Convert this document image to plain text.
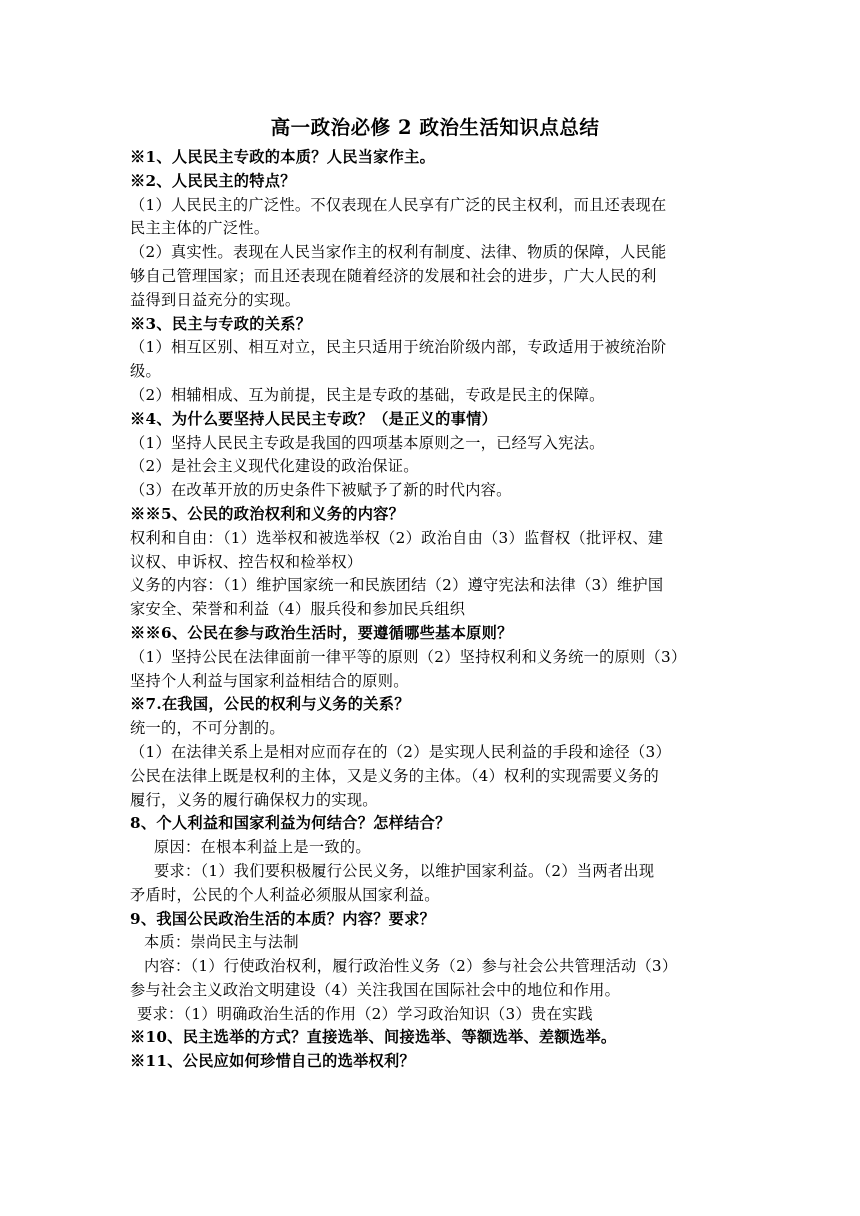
高一政治必修 2 政治生活知识点总结
※1、人民民主专政的本质？人民当家作主。
※2、人民民主的特点？
（1）人民民主的广泛性。不仅表现在人民享有广泛的民主权利，而且还表现在
民主主体的广泛性。
（2）真实性。表现在人民当家作主的权利有制度、法律、物质的保障，人民能
够自己管理国家；而且还表现在随着经济的发展和社会的进步，广大人民的利
益得到日益充分的实现。
※3、民主与专政的关系？
（1）相互区别、相互对立，民主只适用于统治阶级内部，专政适用于被统治阶
级。
（2）相辅相成、互为前提，民主是专政的基础，专政是民主的保障。
※4、为什么要坚持人民民主专政？（是正义的事情）
（1）坚持人民民主专政是我国的四项基本原则之一，已经写入宪法。
（2）是社会主义现代化建设的政治保证。
（3）在改革开放的历史条件下被赋予了新的时代内容。
※※5、公民的政治权利和义务的内容？
权利和自由：（1）选举权和被选举权（2）政治自由（3）监督权（批评权、建
议权、申诉权、控告权和检举权）
义务的内容：（1）维护国家统一和民族团结（2）遵守宪法和法律（3）维护国
家安全、荣誉和利益（4）服兵役和参加民兵组织
※※6、公民在参与政治生活时，要遵循哪些基本原则？
（1）坚持公民在法律面前一律平等的原则（2）坚持权利和义务统一的原则（3）
坚持个人利益与国家利益相结合的原则。
※7.在我国，公民的权利与义务的关系？
统一的，不可分割的。
（1）在法律关系上是相对应而存在的（2）是实现人民利益的手段和途径（3）
公民在法律上既是权利的主体，又是义务的主体。（4）权利的实现需要义务的
履行，义务的履行确保权力的实现。
8、个人利益和国家利益为何结合？怎样结合？
原因：在根本利益上是一致的。
要求：（1）我们要积极履行公民义务，以维护国家利益。（2）当两者出现
矛盾时，公民的个人利益必须服从国家利益。
9、我国公民政治生活的本质？内容？要求？
本质：崇尚民主与法制
内容：（1）行使政治权利，履行政治性义务（2）参与社会公共管理活动（3）
参与社会主义政治文明建设（4）关注我国在国际社会中的地位和作用。
要求：（1）明确政治生活的作用（2）学习政治知识（3）贵在实践
※10、民主选举的方式？直接选举、间接选举、等额选举、差额选举。
※11、公民应如何珍惜自己的选举权利？
